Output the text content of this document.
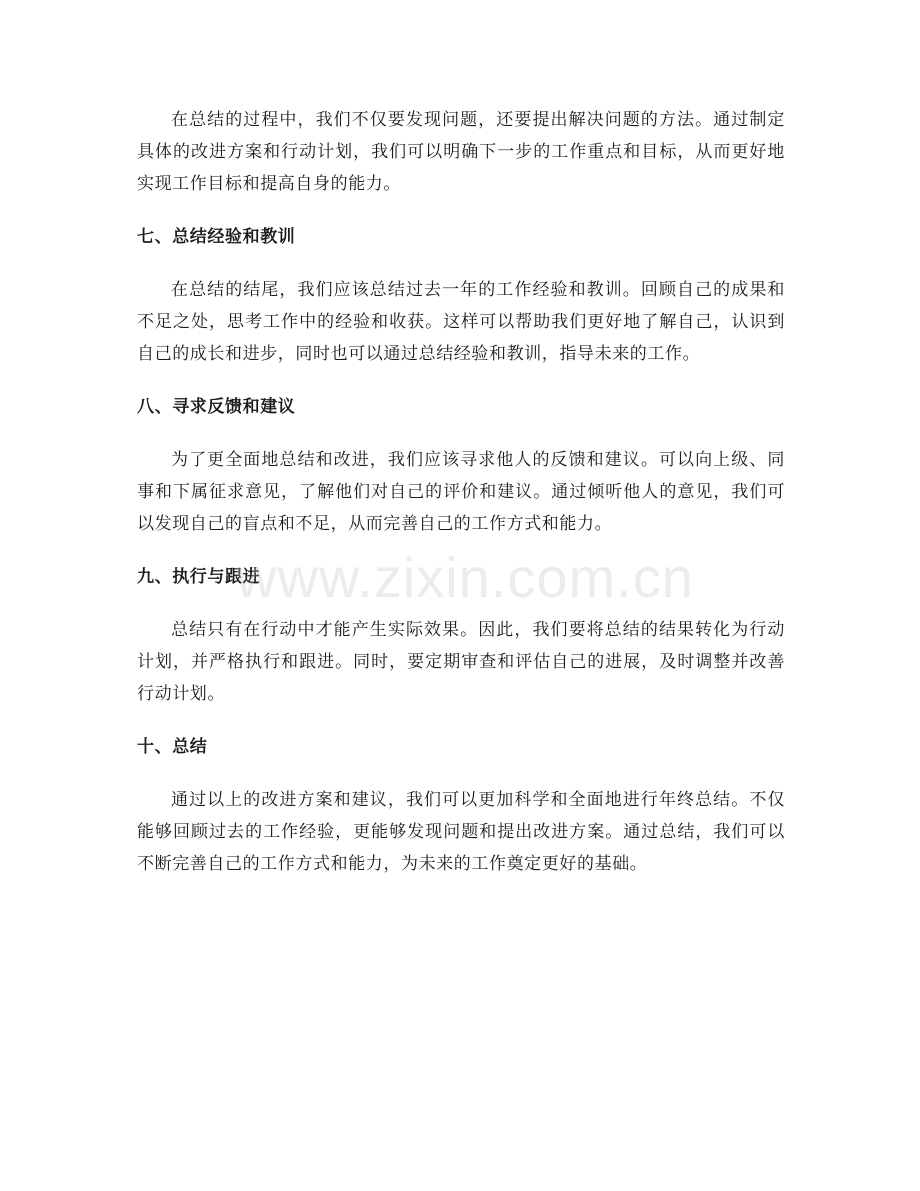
在总结的过程中，我们不仅要发现问题，还要提出解决问题的方法。通过制定具体的改进方案和行动计划，我们可以明确下一步的工作重点和目标，从而更好地实现工作目标和提高自身的能力。

七、总结经验和教训

在总结的结尾，我们应该总结过去一年的工作经验和教训。回顾自己的成果和不足之处，思考工作中的经验和收获。这样可以帮助我们更好地了解自己，认识到自己的成长和进步，同时也可以通过总结经验和教训，指导未来的工作。

八、寻求反馈和建议

为了更全面地总结和改进，我们应该寻求他人的反馈和建议。可以向上级、同事和下属征求意见，了解他们对自己的评价和建议。通过倾听他人的意见，我们可以发现自己的盲点和不足，从而完善自己的工作方式和能力。

九、执行与跟进

总结只有在行动中才能产生实际效果。因此，我们要将总结的结果转化为行动计划，并严格执行和跟进。同时，要定期审查和评估自己的进展，及时调整并改善行动计划。

十、总结

通过以上的改进方案和建议，我们可以更加科学和全面地进行年终总结。不仅能够回顾过去的工作经验，更能够发现问题和提出改进方案。通过总结，我们可以不断完善自己的工作方式和能力，为未来的工作奠定更好的基础。

www.zixin.com.cn
